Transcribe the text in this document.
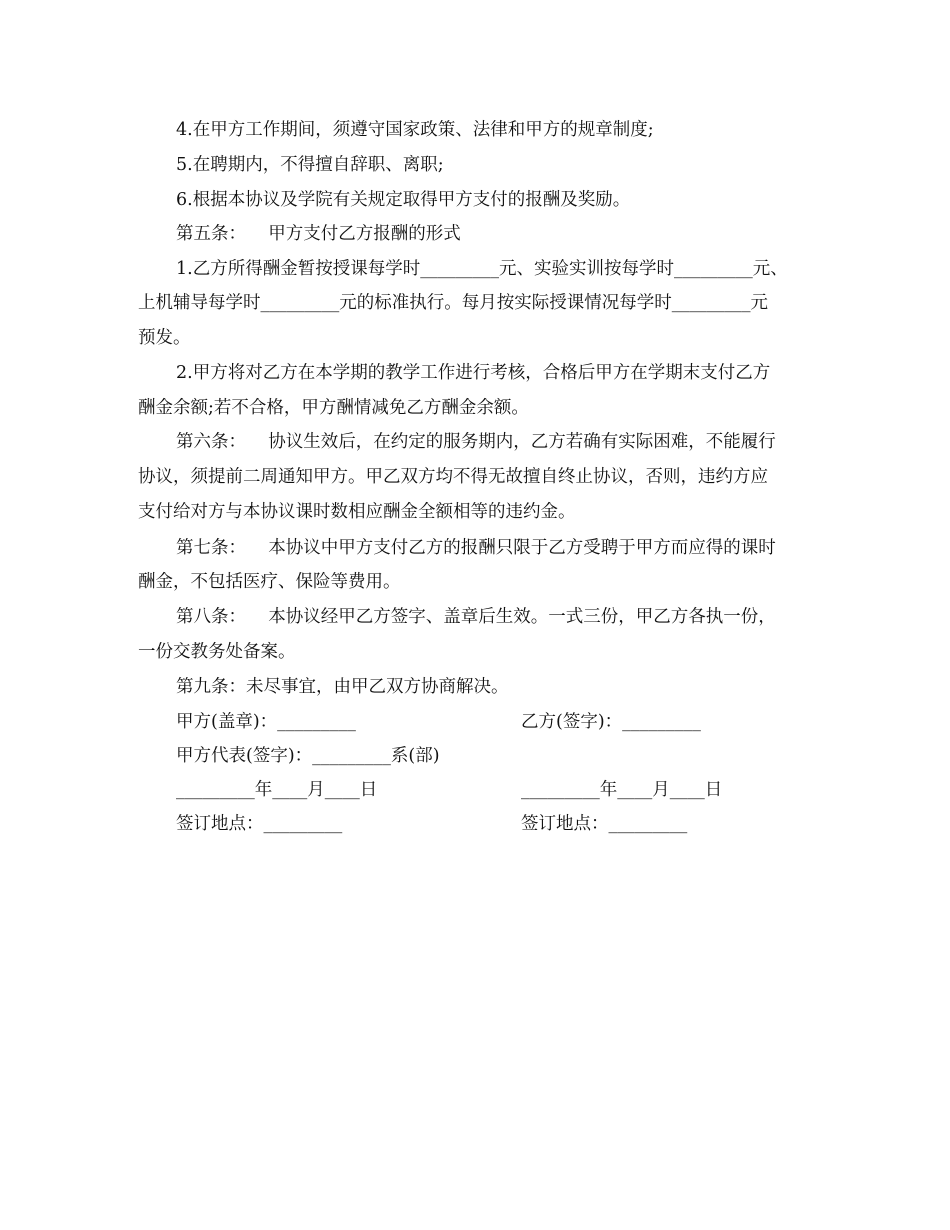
4.在甲方工作期间，须遵守国家政策、法律和甲方的规章制度;
5.在聘期内，不得擅自辞职、离职;
6.根据本协议及学院有关规定取得甲方支付的报酬及奖励。
第五条：    甲方支付乙方报酬的形式
1.乙方所得酬金暂按授课每学时_________元、实验实训按每学时_________元、
上机辅导每学时_________元的标准执行。每月按实际授课情况每学时_________元
预发。
2.甲方将对乙方在本学期的教学工作进行考核，合格后甲方在学期末支付乙方
酬金余额;若不合格，甲方酬情减免乙方酬金余额。
第六条：    协议生效后，在约定的服务期内，乙方若确有实际困难，不能履行
协议，须提前二周通知甲方。甲乙双方均不得无故擅自终止协议，否则，违约方应
支付给对方与本协议课时数相应酬金全额相等的违约金。
第七条：    本协议中甲方支付乙方的报酬只限于乙方受聘于甲方而应得的课时
酬金，不包括医疗、保险等费用。
第八条：    本协议经甲乙方签字、盖章后生效。一式三份，甲乙方各执一份，
一份交教务处备案。
第九条：未尽事宜，由甲乙双方协商解决。
甲方(盖章)：_________	乙方(签字)：_________
甲方代表(签字)：_________系(部)
_________年____月____日	_________年____月____日
签订地点：_________	签订地点：_________
